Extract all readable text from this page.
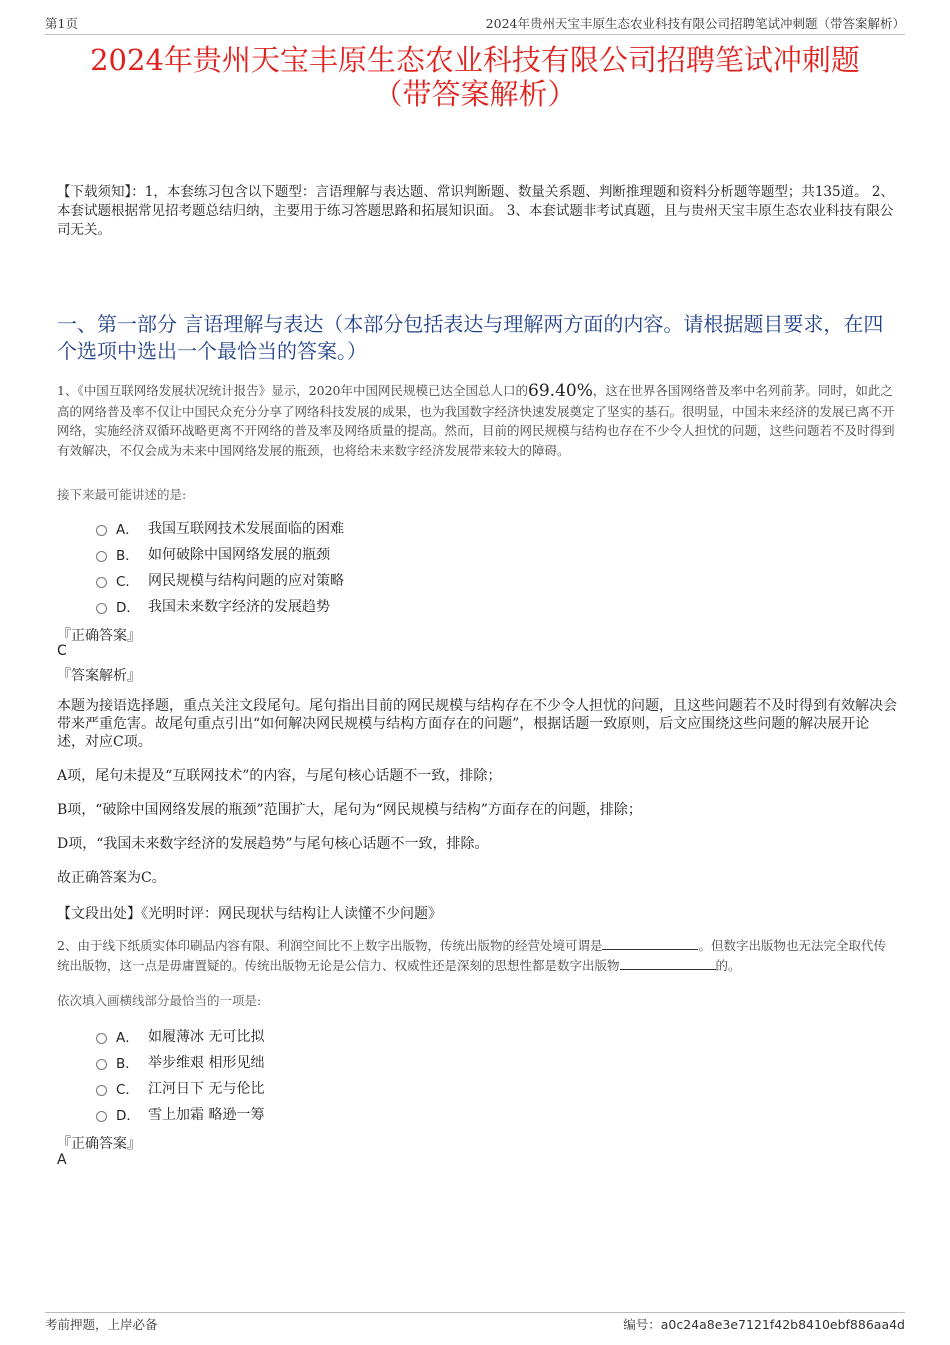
第1页	2024年贵州天宝丰原生态农业科技有限公司招聘笔试冲刺题（带答案解析）
2024年贵州天宝丰原生态农业科技有限公司招聘笔试冲刺题
（带答案解析）
【下载须知】：1，本套练习包含以下题型：言语理解与表达题、常识判断题、数量关系题、判断推理题和资料分析题等题型；共135道。 2、本套试题根据常见招考题总结归纳，主要用于练习答题思路和拓展知识面。 3、本套试题非考试真题，且与贵州天宝丰原生态农业科技有限公司无关。
一、第一部分 言语理解与表达（本部分包括表达与理解两方面的内容。请根据题目要求，在四个选项中选出一个最恰当的答案。）
1、《中国互联网络发展状况统计报告》显示，2020年中国网民规模已达全国总人口的69.40%，这在世界各国网络普及率中名列前茅。同时，如此之高的网络普及率不仅让中国民众充分分享了网络科技发展的成果，也为我国数字经济快速发展奠定了坚实的基石。很明显，中国未来经济的发展已离不开网络，实施经济双循环战略更离不开网络的普及率及网络质量的提高。然而，目前的网民规模与结构也存在不少令人担忧的问题，这些问题若不及时得到有效解决，不仅会成为未来中国网络发展的瓶颈，也将给未来数字经济发展带来较大的障碍。
接下来最可能讲述的是:
A． 我国互联网技术发展面临的困难
B． 如何破除中国网络发展的瓶颈
C． 网民规模与结构问题的应对策略
D． 我国未来数字经济的发展趋势
『正确答案』
C
『答案解析』
本题为接语选择题，重点关注文段尾句。尾句指出目前的网民规模与结构存在不少令人担忧的问题，且这些问题若不及时得到有效解决会带来严重危害。故尾句重点引出“如何解决网民规模与结构方面存在的问题”，根据话题一致原则，后文应围绕这些问题的解决展开论述，对应C项。
A项，尾句未提及“互联网技术”的内容，与尾句核心话题不一致，排除；
B项，“破除中国网络发展的瓶颈”范围扩大，尾句为“网民规模与结构”方面存在的问题，排除；
D项，“我国未来数字经济的发展趋势”与尾句核心话题不一致，排除。
故正确答案为C。
【文段出处】《光明时评：网民现状与结构让人读懂不少问题》
2、由于线下纸质实体印刷品内容有限、利润空间比不上数字出版物，传统出版物的经营处境可谓是	。但数字出版物也无法完全取代传统出版物，这一点是毋庸置疑的。传统出版物无论是公信力、权威性还是深刻的思想性都是数字出版物	的。
依次填入画横线部分最恰当的一项是:
A． 如履薄冰 无可比拟
B． 举步维艰 相形见绌
C． 江河日下 无与伦比
D． 雪上加霜 略逊一筹
『正确答案』
A
考前押题，上岸必备	编号：a0c24a8e3e7121f42b8410ebf886aa4d
